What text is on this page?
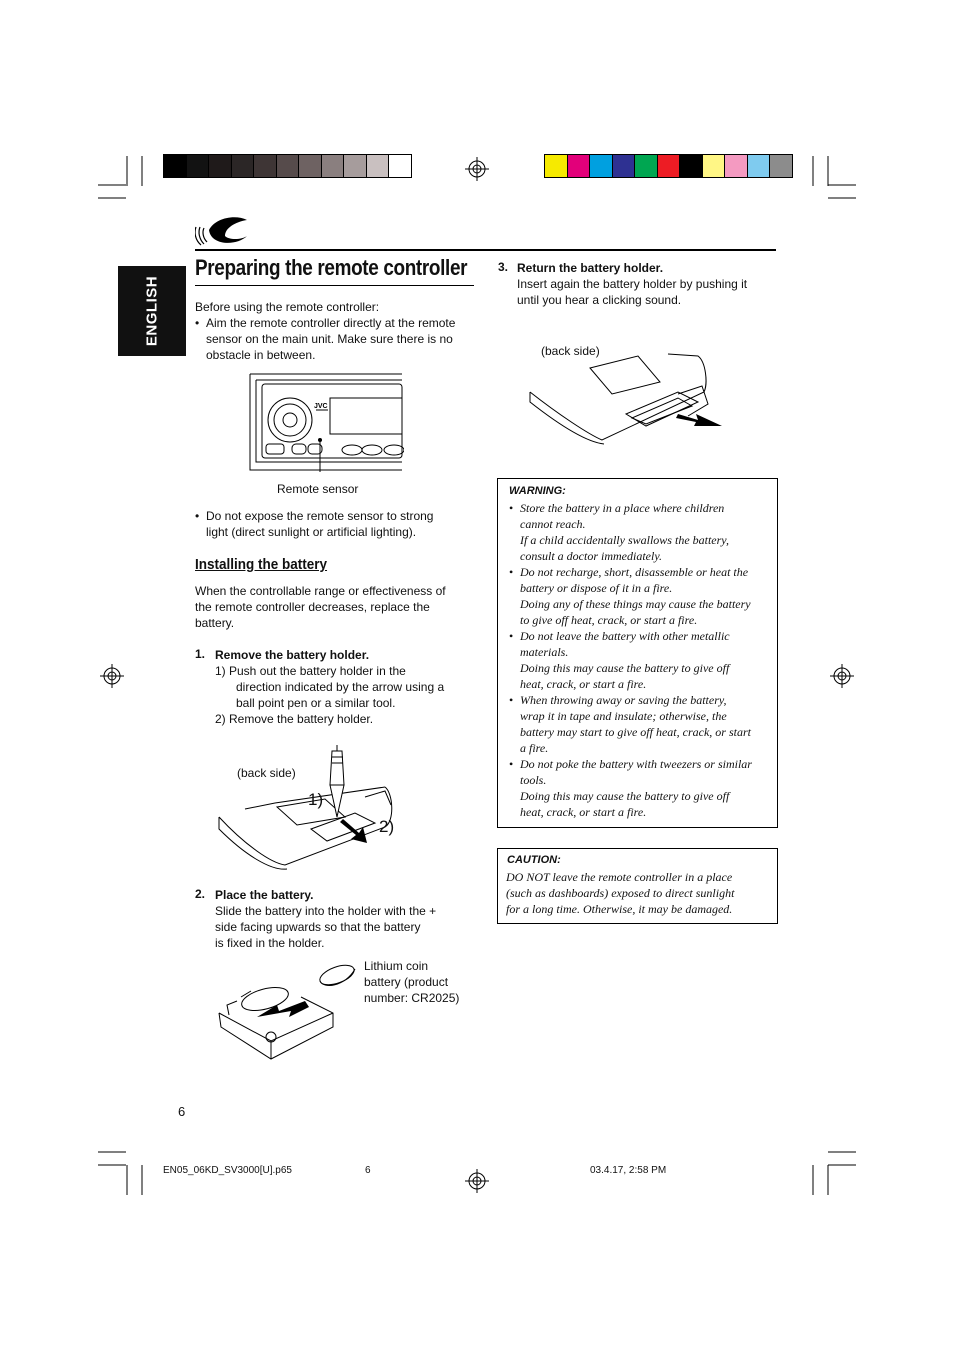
ENGLISH
Preparing the remote controller
Before using the remote controller:
• Aim the remote controller directly at the remote
sensor on the main unit. Make sure there is no
obstacle in between.
JVC
Remote sensor
• Do not expose the remote sensor to strong
light (direct sunlight or artificial lighting).
Installing the battery
When the controllable range or effectiveness of
the remote controller decreases, replace the
battery.
1. Remove the battery holder.
1) Push out the battery holder in the
direction indicated by the arrow using a
ball point pen or a similar tool.
2) Remove the battery holder.
(back side)
1)
2)
2. Place the battery.
Slide the battery into the holder with the +
side facing upwards so that the battery
is fixed in the holder.
Lithium coin
battery (product
number: CR2025)
6
3. Return the battery holder.
Insert again the battery holder by pushing it
until you hear a clicking sound.
(back side)
WARNING:
• Store the battery in a place where children
cannot reach.
If a child accidentally swallows the battery,
consult a doctor immediately.
• Do not recharge, short, disassemble or heat the
battery or dispose of it in a fire.
Doing any of these things may cause the battery
to give off heat, crack, or start a fire.
• Do not leave the battery with other metallic
materials.
Doing this may cause the battery to give off
heat, crack, or start a fire.
• When throwing away or saving the battery,
wrap it in tape and insulate; otherwise, the
battery may start to give off heat, crack, or start
a fire.
• Do not poke the battery with tweezers or similar
tools.
Doing this may cause the battery to give off
heat, crack, or start a fire.
CAUTION:
DO NOT leave the remote controller in a place
(such as dashboards) exposed to direct sunlight
for a long time. Otherwise, it may be damaged.
EN05_06KD_SV3000[U].p65	6	03.4.17, 2:58 PM
